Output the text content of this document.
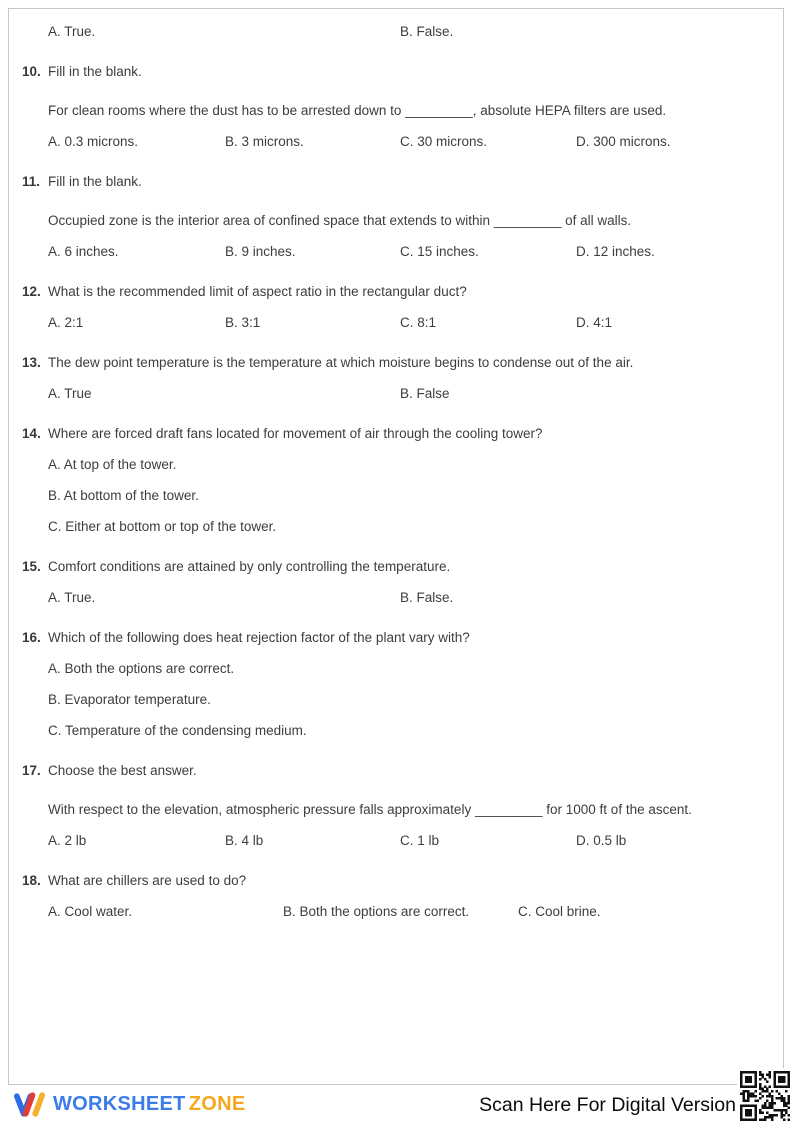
A. True.	B. False.
10. Fill in the blank.
For clean rooms where the dust has to be arrested down to _________, absolute HEPA filters are used.
A. 0.3 microns.	B. 3 microns.	C. 30 microns.	D. 300 microns.
11. Fill in the blank.
Occupied zone is the interior area of confined space that extends to within _________ of all walls.
A. 6 inches.	B. 9 inches.	C. 15 inches.	D. 12 inches.
12. What is the recommended limit of aspect ratio in the rectangular duct?
A. 2:1	B. 3:1	C. 8:1	D. 4:1
13. The dew point temperature is the temperature at which moisture begins to condense out of the air.
A. True	B. False
14. Where are forced draft fans located for movement of air through the cooling tower?
A. At top of the tower.
B. At bottom of the tower.
C. Either at bottom or top of the tower.
15. Comfort conditions are attained by only controlling the temperature.
A. True.	B. False.
16. Which of the following does heat rejection factor of the plant vary with?
A. Both the options are correct.
B. Evaporator temperature.
C. Temperature of the condensing medium.
17. Choose the best answer.
With respect to the elevation, atmospheric pressure falls approximately _________ for 1000 ft of the ascent.
A. 2 lb	B. 4 lb	C. 1 lb	D. 0.5 lb
18. What are chillers are used to do?
A. Cool water.	B. Both the options are correct.	C. Cool brine.
WORKSHEET ZONE	Scan Here For Digital Version
